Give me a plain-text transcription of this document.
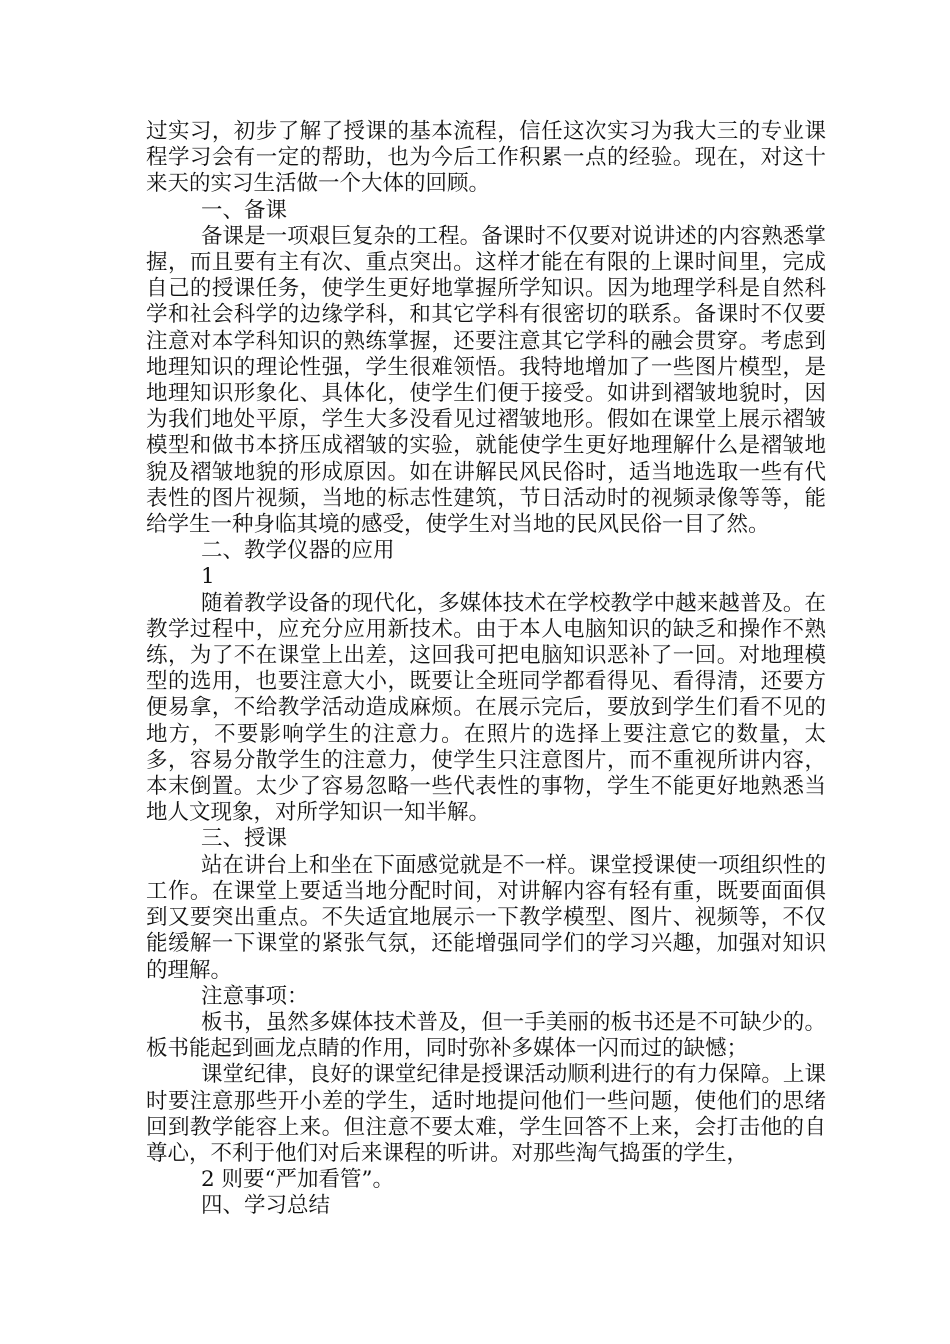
过实习，初步了解了授课的基本流程，信任这次实习为我大三的专业课程学习会有一定的帮助，也为今后工作积累一点的经验。现在，对这十来天的实习生活做一个大体的回顾。

一、备课

备课是一项艰巨复杂的工程。备课时不仅要对说讲述的内容熟悉掌握，而且要有主有次、重点突出。这样才能在有限的上课时间里，完成自己的授课任务，使学生更好地掌握所学知识。因为地理学科是自然科学和社会科学的边缘学科，和其它学科有很密切的联系。备课时不仅要注意对本学科知识的熟练掌握，还要注意其它学科的融会贯穿。考虑到地理知识的理论性强，学生很难领悟。我特地增加了一些图片模型，是地理知识形象化、具体化，使学生们便于接受。如讲到褶皱地貌时，因为我们地处平原，学生大多没看见过褶皱地形。假如在课堂上展示褶皱模型和做书本挤压成褶皱的实验，就能使学生更好地理解什么是褶皱地貌及褶皱地貌的形成原因。如在讲解民风民俗时，适当地选取一些有代表性的图片视频，当地的标志性建筑，节日活动时的视频录像等等，能给学生一种身临其境的感受，使学生对当地的民风民俗一目了然。

二、教学仪器的应用

1

随着教学设备的现代化，多媒体技术在学校教学中越来越普及。在教学过程中，应充分应用新技术。由于本人电脑知识的缺乏和操作不熟练，为了不在课堂上出差，这回我可把电脑知识恶补了一回。对地理模型的选用，也要注意大小，既要让全班同学都看得见、看得清，还要方便易拿，不给教学活动造成麻烦。在展示完后，要放到学生们看不见的地方，不要影响学生的注意力。在照片的选择上要注意它的数量，太多，容易分散学生的注意力，使学生只注意图片，而不重视所讲内容，本末倒置。太少了容易忽略一些代表性的事物，学生不能更好地熟悉当地人文现象，对所学知识一知半解。

三、授课

站在讲台上和坐在下面感觉就是不一样。课堂授课使一项组织性的工作。在课堂上要适当地分配时间，对讲解内容有轻有重，既要面面俱到又要突出重点。不失适宜地展示一下教学模型、图片、视频等，不仅能缓解一下课堂的紧张气氛，还能增强同学们的学习兴趣，加强对知识的理解。

注意事项：

板书，虽然多媒体技术普及，但一手美丽的板书还是不可缺少的。板书能起到画龙点睛的作用，同时弥补多媒体一闪而过的缺憾；

课堂纪律，良好的课堂纪律是授课活动顺利进行的有力保障。上课时要注意那些开小差的学生，适时地提问他们一些问题，使他们的思绪回到教学能容上来。但注意不要太难，学生回答不上来，会打击他的自尊心，不利于他们对后来课程的听讲。对那些淘气捣蛋的学生，

2 则要“严加看管”。

四、学习总结
